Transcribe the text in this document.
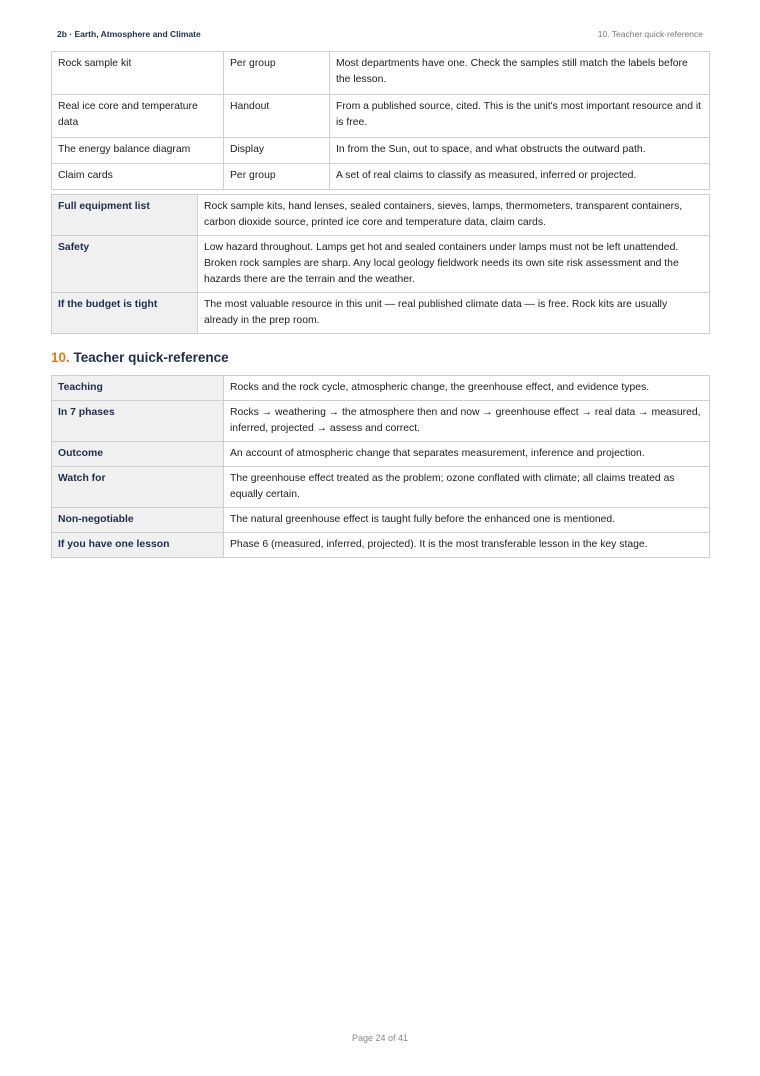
2b · Earth, Atmosphere and Climate	10. Teacher quick-reference
Rock sample kit	Per group	Most departments have one. Check the samples still match the labels before the lesson.
Real ice core and temperature data	Handout	From a published source, cited. This is the unit's most important resource and it is free.
The energy balance diagram	Display	In from the Sun, out to space, and what obstructs the outward path.
Claim cards	Per group	A set of real claims to classify as measured, inferred or projected.
Full equipment list	Rock sample kits, hand lenses, sealed containers, sieves, lamps, thermometers, transparent containers, carbon dioxide source, printed ice core and temperature data, claim cards.
Safety	Low hazard throughout. Lamps get hot and sealed containers under lamps must not be left unattended. Broken rock samples are sharp. Any local geology fieldwork needs its own site risk assessment and the hazards there are the terrain and the weather.
If the budget is tight	The most valuable resource in this unit — real published climate data — is free. Rock kits are usually already in the prep room.
10. Teacher quick-reference
Teaching	Rocks and the rock cycle, atmospheric change, the greenhouse effect, and evidence types.
In 7 phases	Rocks → weathering → the atmosphere then and now → greenhouse effect → real data → measured, inferred, projected → assess and correct.
Outcome	An account of atmospheric change that separates measurement, inference and projection.
Watch for	The greenhouse effect treated as the problem; ozone conflated with climate; all claims treated as equally certain.
Non-negotiable	The natural greenhouse effect is taught fully before the enhanced one is mentioned.
If you have one lesson	Phase 6 (measured, inferred, projected). It is the most transferable lesson in the key stage.
Page 24 of 41
